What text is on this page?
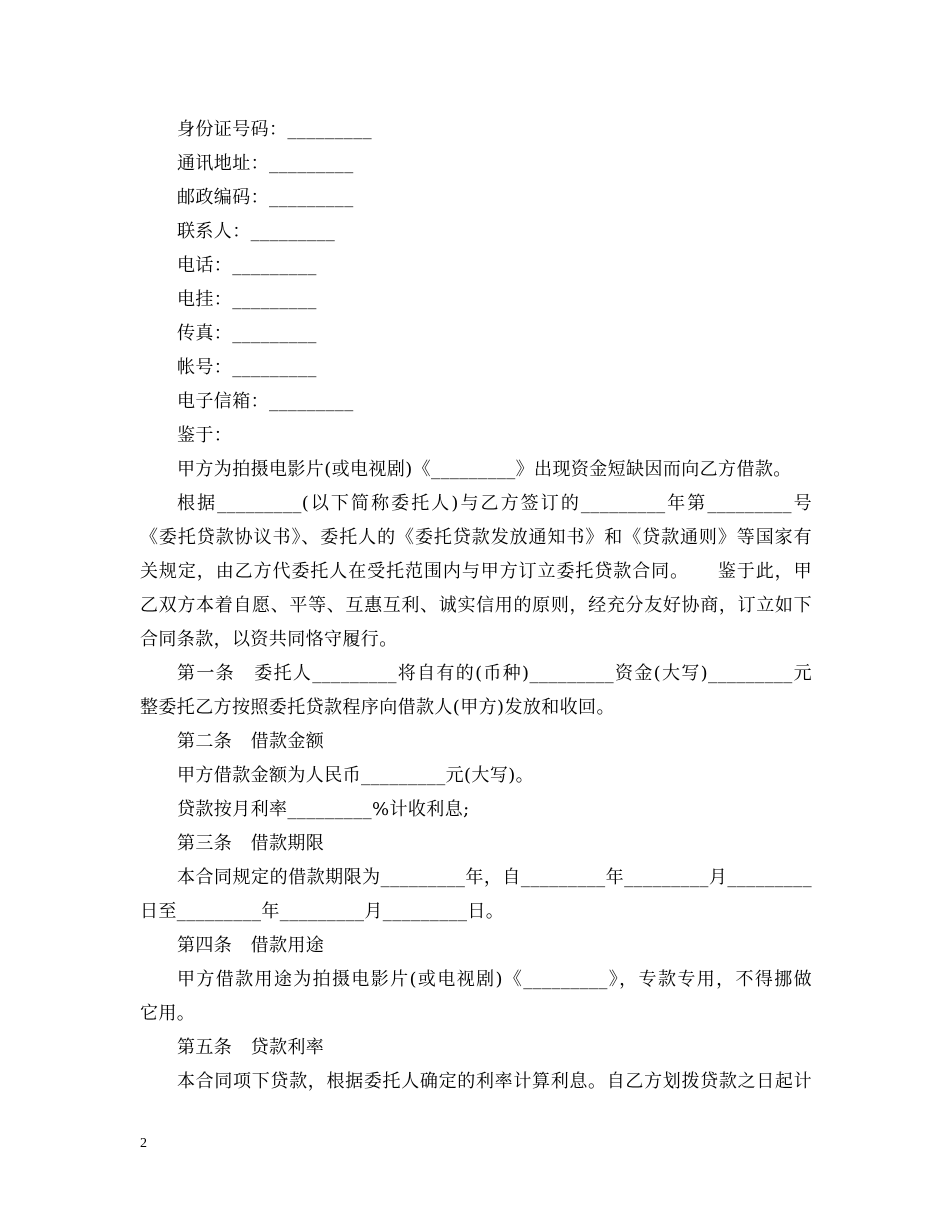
身份证号码：_________
通讯地址：_________
邮政编码：_________
联系人：_________
电话：_________
电挂：_________
传真：_________
帐号：_________
电子信箱：_________
鉴于：
甲方为拍摄电影片(或电视剧)《_________》出现资金短缺因而向乙方借款。
根据_________(以下简称委托人)与乙方签订的_________年第_________号
《委托贷款协议书》、委托人的《委托贷款发放通知书》和《贷款通则》等国家有
关规定，由乙方代委托人在受托范围内与甲方订立委托贷款合同。　　鉴于此，甲
乙双方本着自愿、平等、互惠互利、诚实信用的原则，经充分友好协商，订立如下
合同条款，以资共同恪守履行。
第一条　委托人_________将自有的(币种)_________资金(大写)_________元
整委托乙方按照委托贷款程序向借款人(甲方)发放和收回。
第二条　借款金额
甲方借款金额为人民币_________元(大写)。
贷款按月利率_________%计收利息;
第三条　借款期限
本合同规定的借款期限为_________年，自_________年_________月_________
日至_________年_________月_________日。
第四条　借款用途
甲方借款用途为拍摄电影片(或电视剧)《_________》，专款专用，不得挪做
它用。
第五条　贷款利率
本合同项下贷款，根据委托人确定的利率计算利息。自乙方划拨贷款之日起计
2
